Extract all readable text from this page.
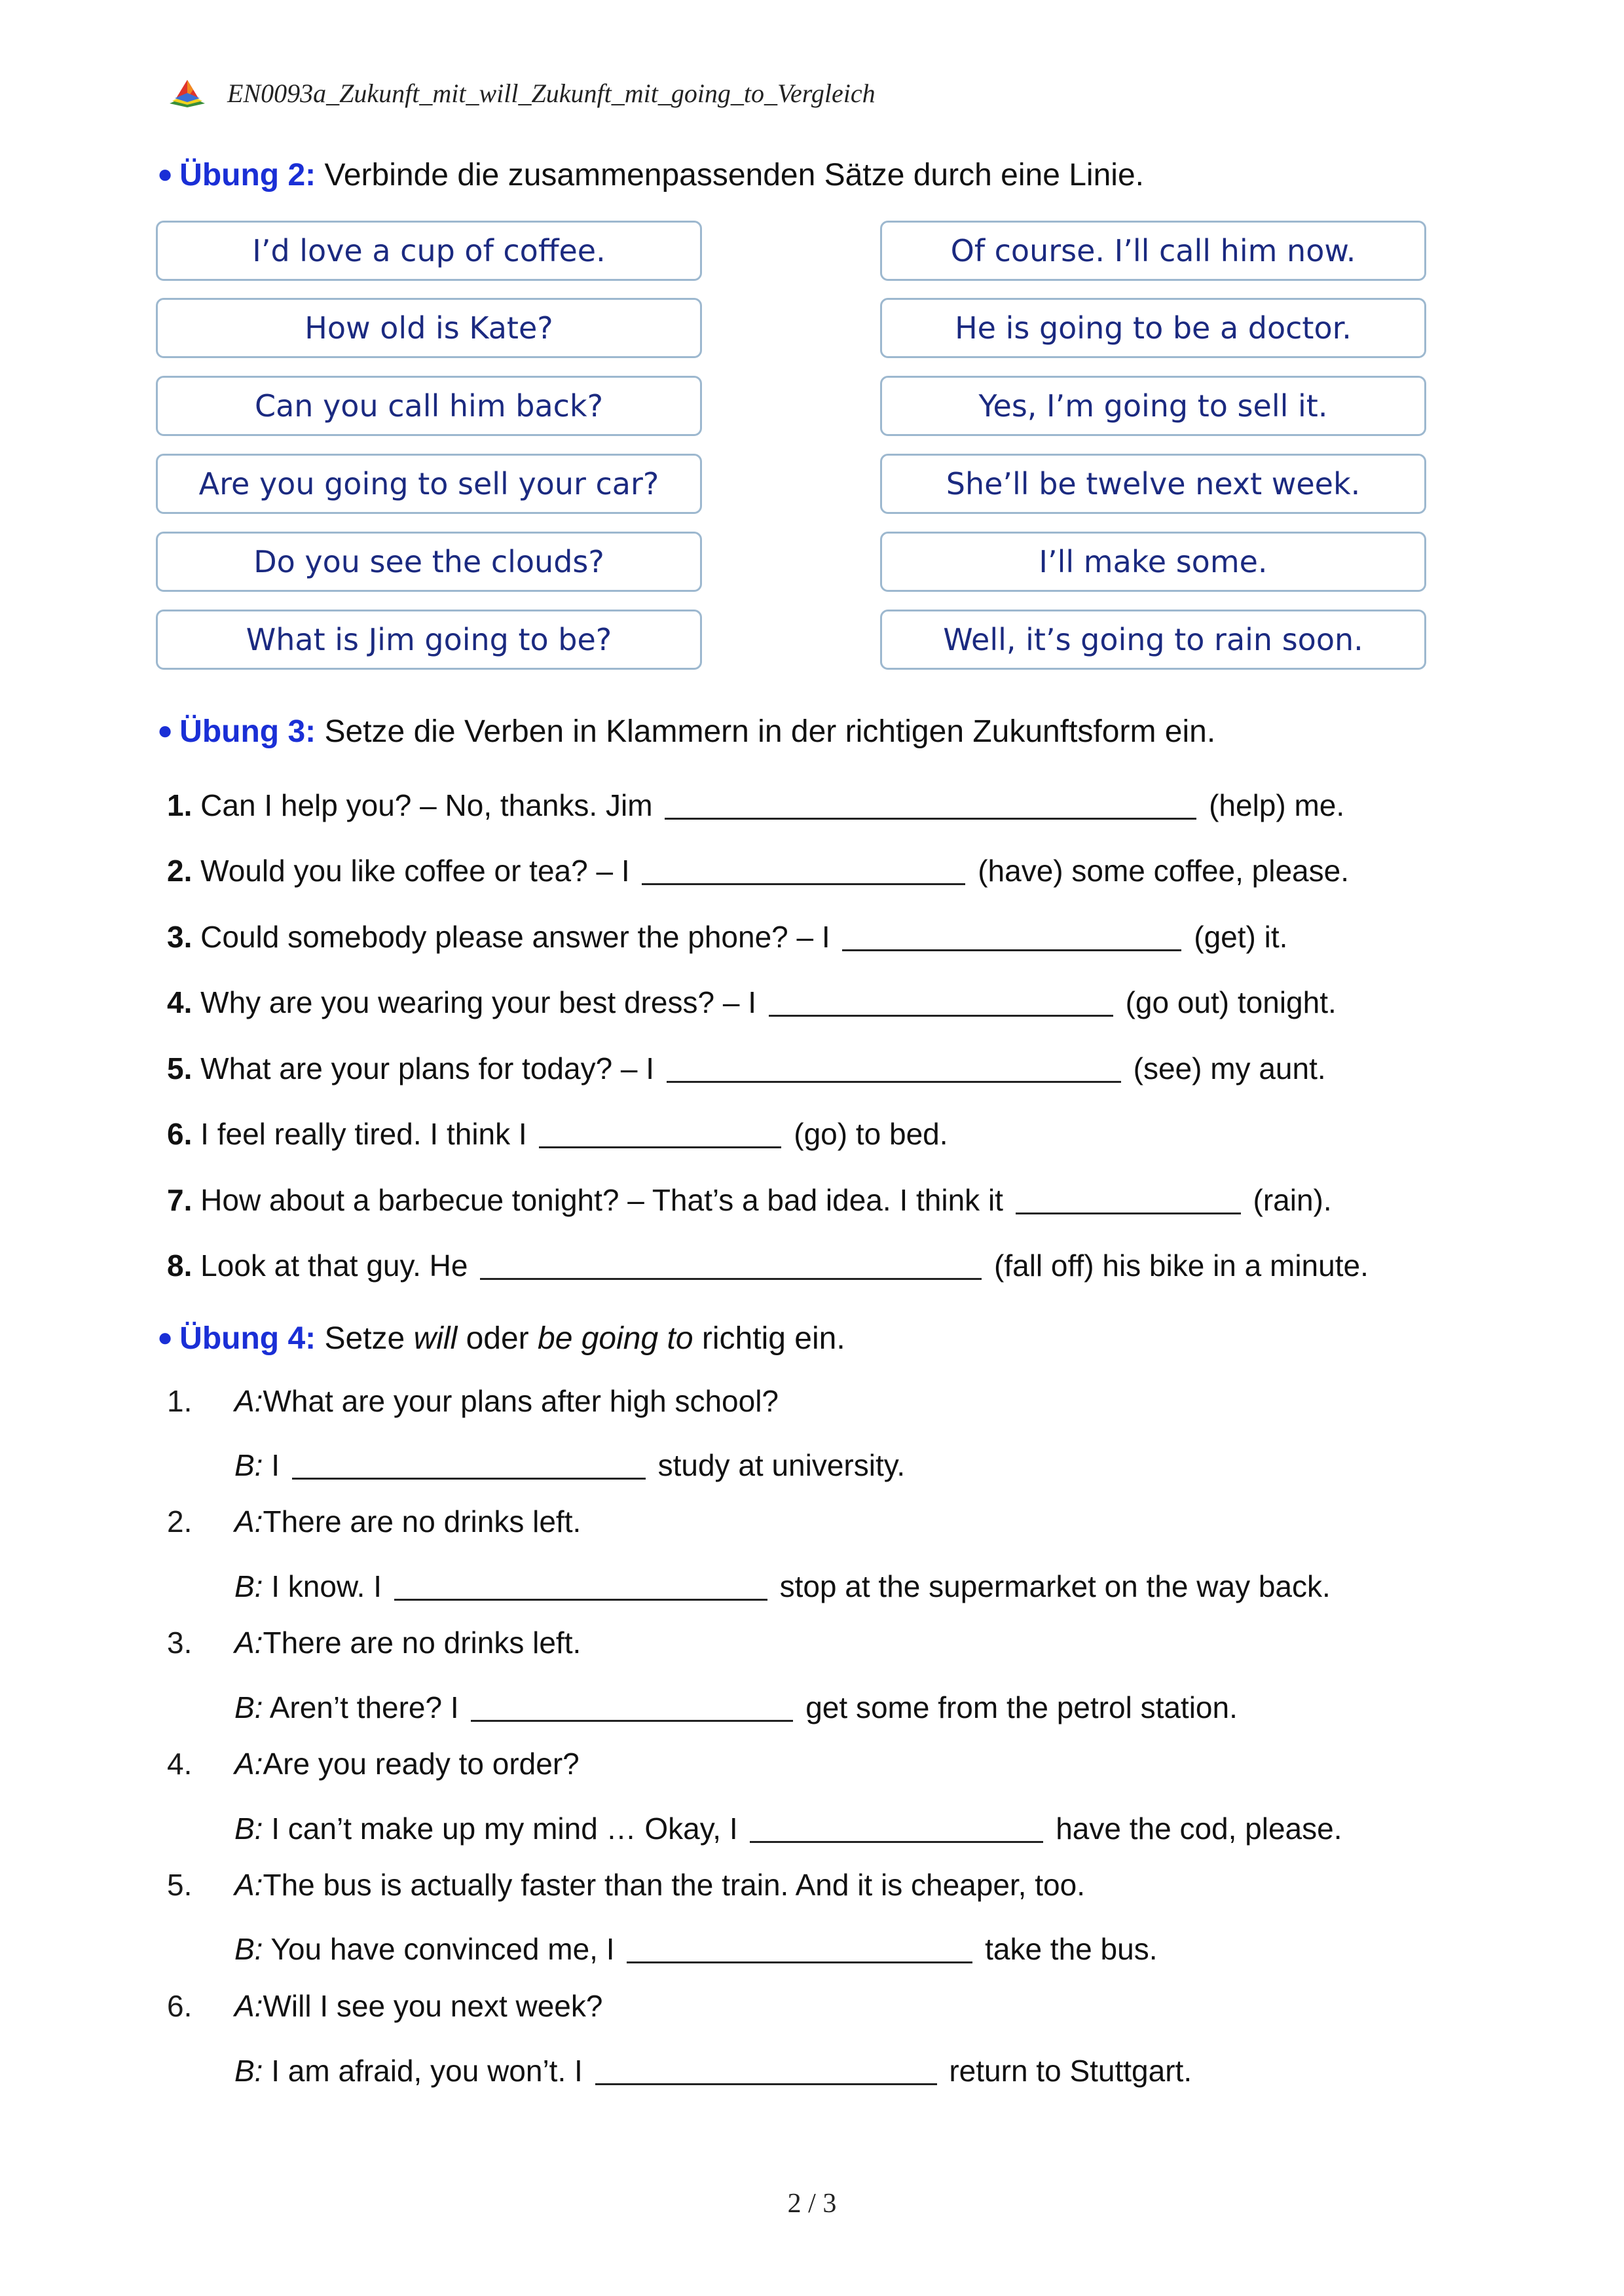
EN0093a_Zukunft_mit_will_Zukunft_mit_going_to_Vergleich
● Übung 2: Verbinde die zusammenpassenden Sätze durch eine Linie.
I’d love a cup of coffee.
How old is Kate?
Can you call him back?
Are you going to sell your car?
Do you see the clouds?
What is Jim going to be?
Of course. I’ll call him now.
He is going to be a doctor.
Yes, I’m going to sell it.
She’ll be twelve next week.
I’ll make some.
Well, it’s going to rain soon.
● Übung 3: Setze die Verben in Klammern in der richtigen Zukunftsform ein.
1. Can I help you? – No, thanks. Jim	(help) me.
2. Would you like coffee or tea? – I	(have) some coffee, please.
3. Could somebody please answer the phone? – I	(get) it.
4. Why are you wearing your best dress? – I	(go out) tonight.
5. What are your plans for today? – I	(see) my aunt.
6. I feel really tired. I think I	(go) to bed.
7. How about a barbecue tonight? – That’s a bad idea. I think it	(rain).
8. Look at that guy. He	(fall off) his bike in a minute.
● Übung 4: Setze will oder be going to richtig ein.
1. A:What are your plans after high school?
B: I	study at university.
2. A:There are no drinks left.
B: I know. I	stop at the supermarket on the way back.
3. A:There are no drinks left.
B: Aren’t there? I	get some from the petrol station.
4. A:Are you ready to order?
B: I can’t make up my mind … Okay, I	have the cod, please.
5. A:The bus is actually faster than the train. And it is cheaper, too.
B: You have convinced me, I	take the bus.
6. A:Will I see you next week?
B: I am afraid, you won’t. I	return to Stuttgart.
2 / 3
